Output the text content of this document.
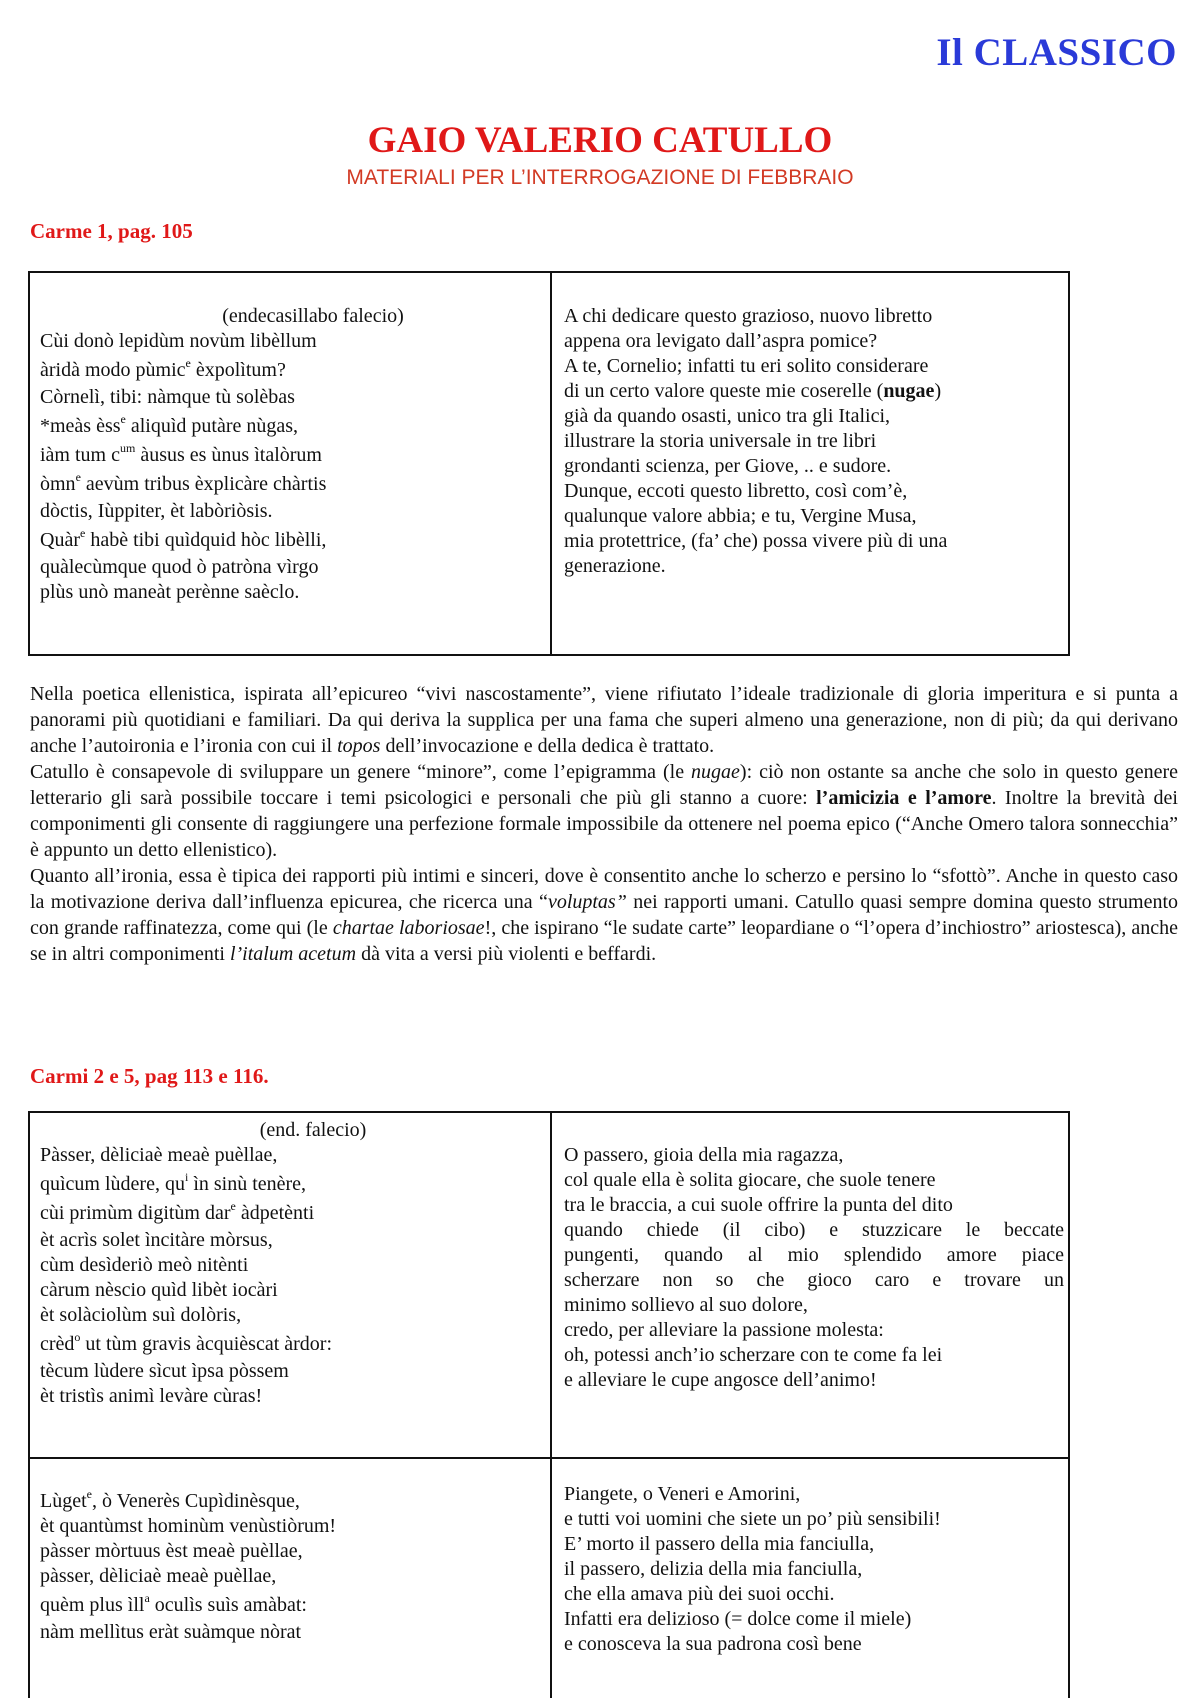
Il CLASSICO
GAIO VALERIO CATULLO
MATERIALI PER L’INTERROGAZIONE DI FEBBRAIO
Carme 1, pag. 105
(endecasillabo falecio)
Cùi donò lepidùm novùm libèllum
àridà modo pùmic$^e$ èxpolìtum?
Còrnelì, tibi: nàmque tù solèbas
*meàs èss$^e$ aliquìd putàre nùgas,
iàm tum $c^{um}$ àusus es ùnus ìtalòrum
òmn$^e$ aevùm tribus èxplicàre chàrtis
dòctis, Iùppiter, èt labòriòsis.
Quàr$^e$ habè tibi quìdquid hòc libèlli,
quàlecùmque quod ò patròna vìrgo
plùs unò maneàt perènne saèclo.
A chi dedicare questo grazioso, nuovo libretto
appena ora levigato dall’aspra pomice?
A te, Cornelio; infatti tu eri solito considerare
di un certo valore queste mie coserelle (nugae)
già da quando osasti, unico tra gli Italici,
illustrare la storia universale in tre libri
grondanti scienza, per Giove, .. e sudore.
Dunque, eccoti questo libretto, così com’è,
qualunque valore abbia; e tu, Vergine Musa,
mia protettrice, (fa’ che) possa vivere più di una
generazione.

Nella poetica ellenistica, ispirata all’epicureo “vivi nascostamente”, viene rifiutato l’ideale tradizionale di gloria imperitura e si punta a panorami più quotidiani e familiari. Da qui deriva la supplica per una fama che superi almeno una generazione, non di più; da qui derivano anche l’autoironia e l’ironia con cui il topos dell’invocazione e della dedica è trattato.

Catullo è consapevole di sviluppare un genere “minore”, come l’epigramma (le nugae): ciò non ostante sa anche che solo in questo genere letterario gli sarà possibile toccare i temi psicologici e personali che più gli stanno a cuore: l’amicizia e l’amore. Inoltre la brevità dei componimenti gli consente di raggiungere una perfezione formale impossibile da ottenere nel poema epico (“Anche Omero talora sonnecchia” è appunto un detto ellenistico).

Quanto all’ironia, essa è tipica dei rapporti più intimi e sinceri, dove è consentito anche lo scherzo e persino lo “sfottò”. Anche in questo caso la motivazione deriva dall’influenza epicurea, che ricerca una “voluptas” nei rapporti umani. Catullo quasi sempre domina questo strumento con grande raffinatezza, come qui (le chartae laboriosae!, che ispirano “le sudate carte” leopardiane o “l’opera d’inchiostro” ariostesca), anche se in altri componimenti l’italum acetum dà vita a versi più violenti e beffardi.

Carmi 2 e 5, pag 113 e 116.
(end. falecio)
Pàsser, dèliciaè meaè puèllae,
quìcum lùdere, $qu^i$ ìn sinù tenère,
cùi primùm digitùm dar$^e$ àdpetènti
èt acrìs solet ìncitàre mòrsus,
cùm desìderiò meò nitènti
càrum nèscio quìd libèt iocàri
èt solàciolùm suì dolòris,
crèd$^o$ ut tùm gravis àcquièscat àrdor:
tècum lùdere sìcut ìpsa pòssem
èt tristìs animì levàre cùras!
O passero, gioia della mia ragazza,
col quale ella è solita giocare, che suole tenere
tra le braccia, a cui suole offrire la punta del dito
quando chiede (il cibo) e stuzzicare le beccate
pungenti, quando al mio splendido amore piace
scherzare non so che gioco caro e trovare un
minimo sollievo al suo dolore,
credo, per alleviare la passione molesta:
oh, potessi anch’io scherzare con te come fa lei
e alleviare le cupe angosce dell’animo!
Lùget$^e$, ò Venerès Cupìdinèsque,
èt quantùmst hominùm venùstiòrum!
pàsser mòrtuus èst meaè puèllae,
pàsser, dèliciaè meaè puèllae,
quèm plus ìll$^a$ oculìs suìs amàbat:
nàm mellìtus eràt suàmque nòrat
Piangete, o Veneri e Amorini,
e tutti voi uomini che siete un po’ più sensibili!
E’ morto il passero della mia fanciulla,
il passero, delizia della mia fanciulla,
che ella amava più dei suoi occhi.
Infatti era delizioso (= dolce come il miele)
e conosceva la sua padrona così bene
